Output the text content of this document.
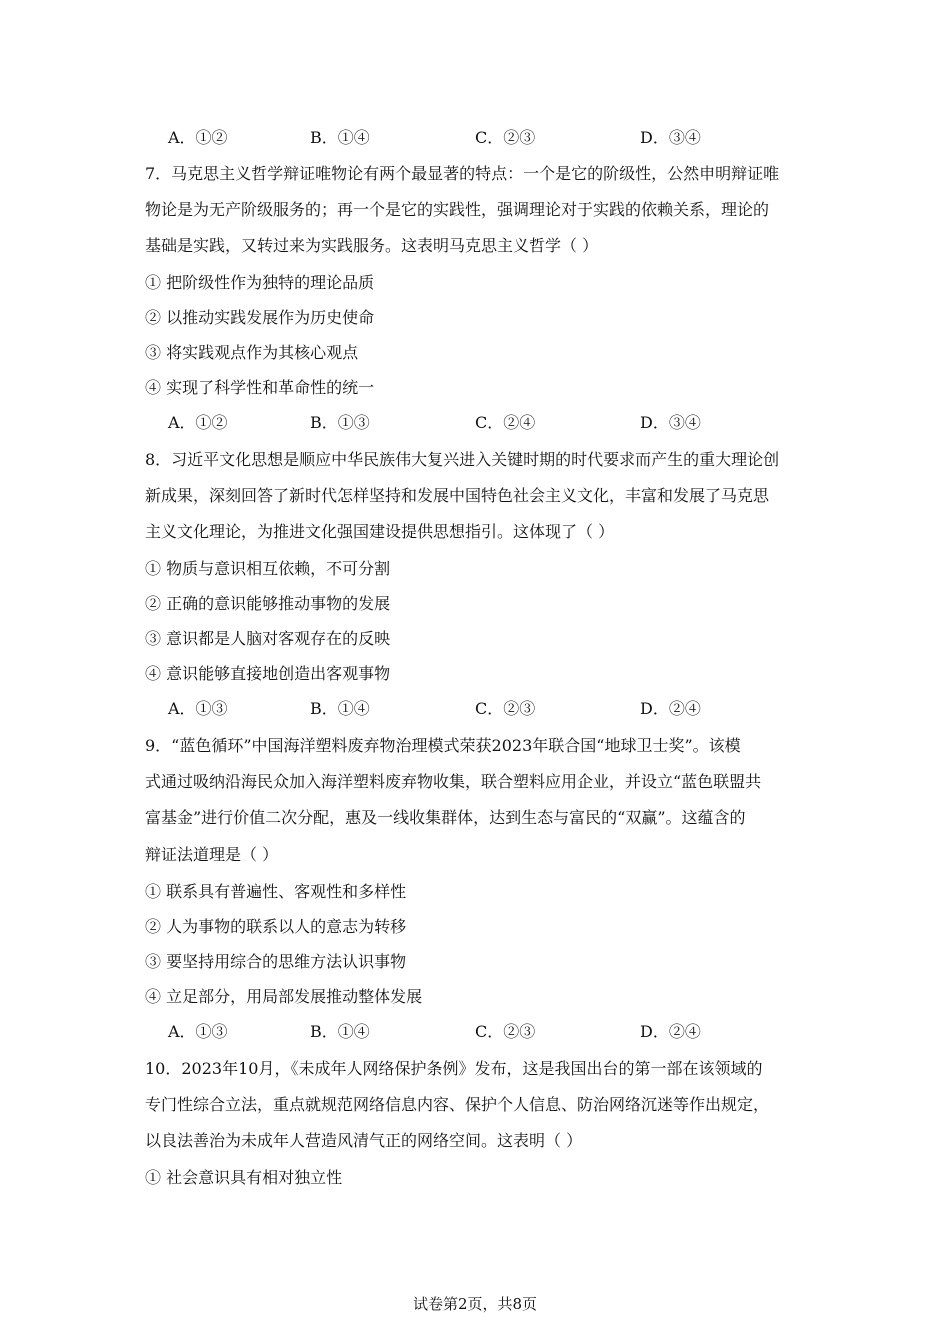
A．①②	B．①④	C．②③	D．③④
7．马克思主义哲学辩证唯物论有两个最显著的特点：一个是它的阶级性，公然申明辩证唯
物论是为无产阶级服务的；再一个是它的实践性，强调理论对于实践的依赖关系，理论的
基础是实践，又转过来为实践服务。这表明马克思主义哲学（ ）
① 把阶级性作为独特的理论品质
② 以推动实践发展作为历史使命
③ 将实践观点作为其核心观点
④ 实现了科学性和革命性的统一
A．①②	B．①③	C．②④	D．③④
8．习近平文化思想是顺应中华民族伟大复兴进入关键时期的时代要求而产生的重大理论创
新成果，深刻回答了新时代怎样坚持和发展中国特色社会主义文化，丰富和发展了马克思
主义文化理论，为推进文化强国建设提供思想指引。这体现了（ ）
① 物质与意识相互依赖，不可分割
② 正确的意识能够推动事物的发展
③ 意识都是人脑对客观存在的反映
④ 意识能够直接地创造出客观事物
A．①③	B．①④	C．②③	D．②④
9．“蓝色循环”中国海洋塑料废弃物治理模式荣获2023年联合国“地球卫士奖”。该模
式通过吸纳沿海民众加入海洋塑料废弃物收集，联合塑料应用企业，并设立“蓝色联盟共
富基金”进行价值二次分配，惠及一线收集群体，达到生态与富民的“双赢”。这蕴含的
辩证法道理是（ ）
① 联系具有普遍性、客观性和多样性
② 人为事物的联系以人的意志为转移
③ 要坚持用综合的思维方法认识事物
④ 立足部分，用局部发展推动整体发展
A．①③	B．①④	C．②③	D．②④
10．2023年10月，《未成年人网络保护条例》发布，这是我国出台的第一部在该领域的
专门性综合立法，重点就规范网络信息内容、保护个人信息、防治网络沉迷等作出规定，
以良法善治为未成年人营造风清气正的网络空间。这表明（ ）
① 社会意识具有相对独立性
试卷第2页，共8页
